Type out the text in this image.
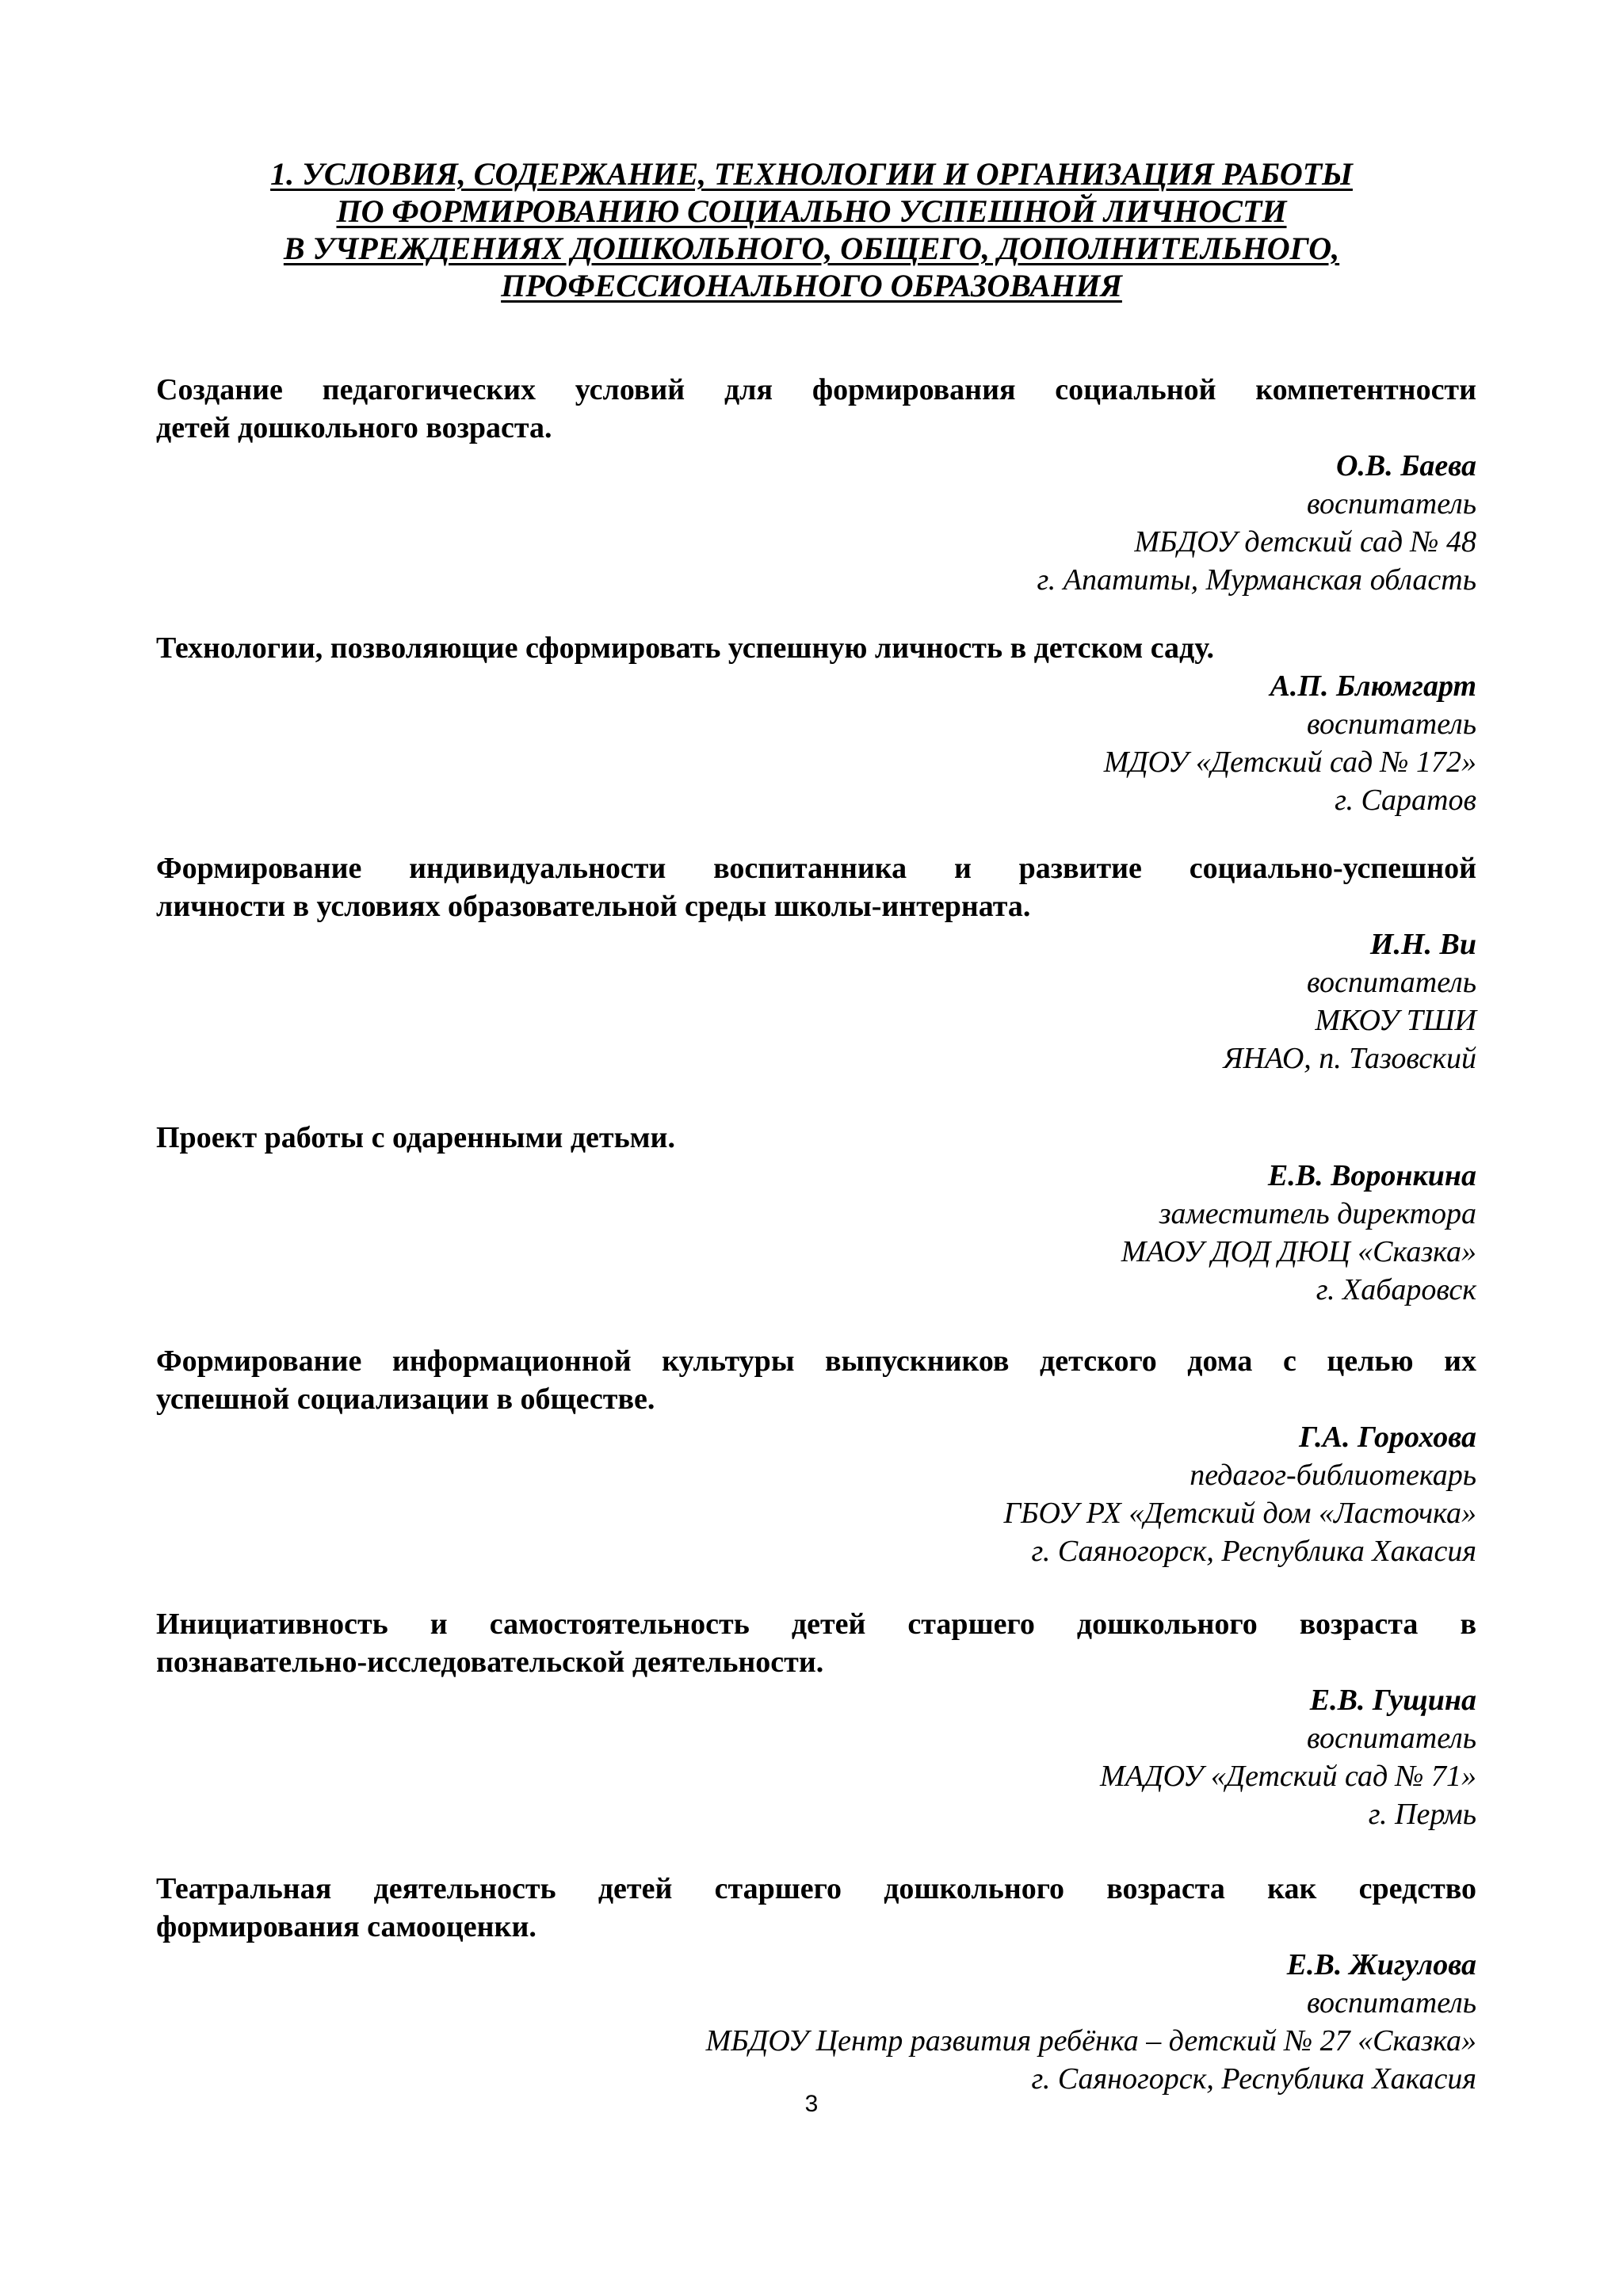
1. УСЛОВИЯ, СОДЕРЖАНИЕ, ТЕХНОЛОГИИ И ОРГАНИЗАЦИЯ РАБОТЫ
ПО ФОРМИРОВАНИЮ СОЦИАЛЬНО УСПЕШНОЙ ЛИЧНОСТИ
В УЧРЕЖДЕНИЯХ ДОШКОЛЬНОГО, ОБЩЕГО, ДОПОЛНИТЕЛЬНОГО,
ПРОФЕССИОНАЛЬНОГО ОБРАЗОВАНИЯ

Создание педагогических условий для формирования социальной компетентности
детей дошкольного возраста.

О.В. Баева
воспитатель
МБДОУ детский сад № 48
г. Апатиты, Мурманская область

Технологии, позволяющие сформировать успешную личность в детском саду.

А.П. Блюмгарт
воспитатель
МДОУ «Детский сад № 172»
г. Саратов

Формирование индивидуальности воспитанника и развитие социально-успешной
личности в условиях образовательной среды школы-интерната.

И.Н. Ви
воспитатель
МКОУ ТШИ
ЯНАО, п. Тазовский

Проект работы с одаренными детьми.

Е.В. Воронкина
заместитель директора
МАОУ ДОД ДЮЦ «Сказка»
г. Хабаровск

Формирование информационной культуры выпускников детского дома с целью их
успешной социализации в обществе.

Г.А. Горохова
педагог-библиотекарь
ГБОУ РХ «Детский дом «Ласточка»
г. Саяногорск, Республика Хакасия

Инициативность и самостоятельность детей старшего дошкольного возраста в
познавательно-исследовательской деятельности.

Е.В. Гущина
воспитатель
МАДОУ «Детский сад № 71»
г. Пермь

Театральная деятельность детей старшего дошкольного возраста как средство
формирования самооценки.

Е.В. Жигулова
воспитатель
МБДОУ Центр развития ребёнка – детский № 27 «Сказка»
г. Саяногорск, Республика Хакасия

3
